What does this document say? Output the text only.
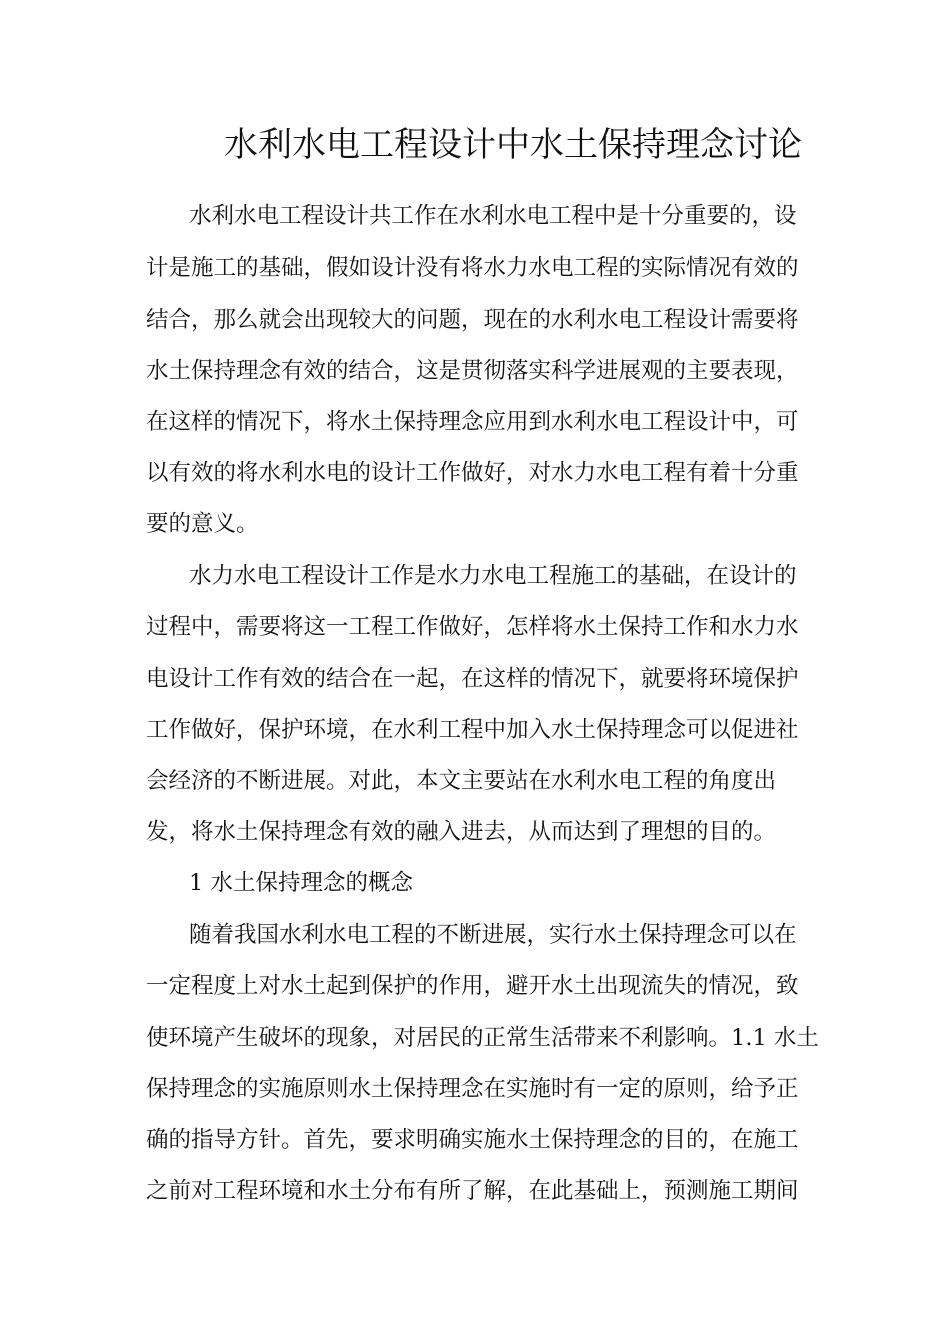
水利水电工程设计中水土保持理念讨论

水利水电工程设计共工作在水利水电工程中是十分重要的，设

计是施工的基础，假如设计没有将水力水电工程的实际情况有效的

结合，那么就会出现较大的问题，现在的水利水电工程设计需要将

水土保持理念有效的结合，这是贯彻落实科学进展观的主要表现，

在这样的情况下，将水土保持理念应用到水利水电工程设计中，可

以有效的将水利水电的设计工作做好，对水力水电工程有着十分重

要的意义。

水力水电工程设计工作是水力水电工程施工的基础，在设计的

过程中，需要将这一工程工作做好，怎样将水土保持工作和水力水

电设计工作有效的结合在一起，在这样的情况下，就要将环境保护

工作做好，保护环境，在水利工程中加入水土保持理念可以促进社

会经济的不断进展。对此，本文主要站在水利水电工程的角度出

发，将水土保持理念有效的融入进去，从而达到了理想的目的。

1 水土保持理念的概念

随着我国水利水电工程的不断进展，实行水土保持理念可以在

一定程度上对水土起到保护的作用，避开水土出现流失的情况，致

使环境产生破坏的现象，对居民的正常生活带来不利影响。1.1 水土

保持理念的实施原则水土保持理念在实施时有一定的原则，给予正

确的指导方针。首先，要求明确实施水土保持理念的目的，在施工

之前对工程环境和水土分布有所了解，在此基础上，预测施工期间
